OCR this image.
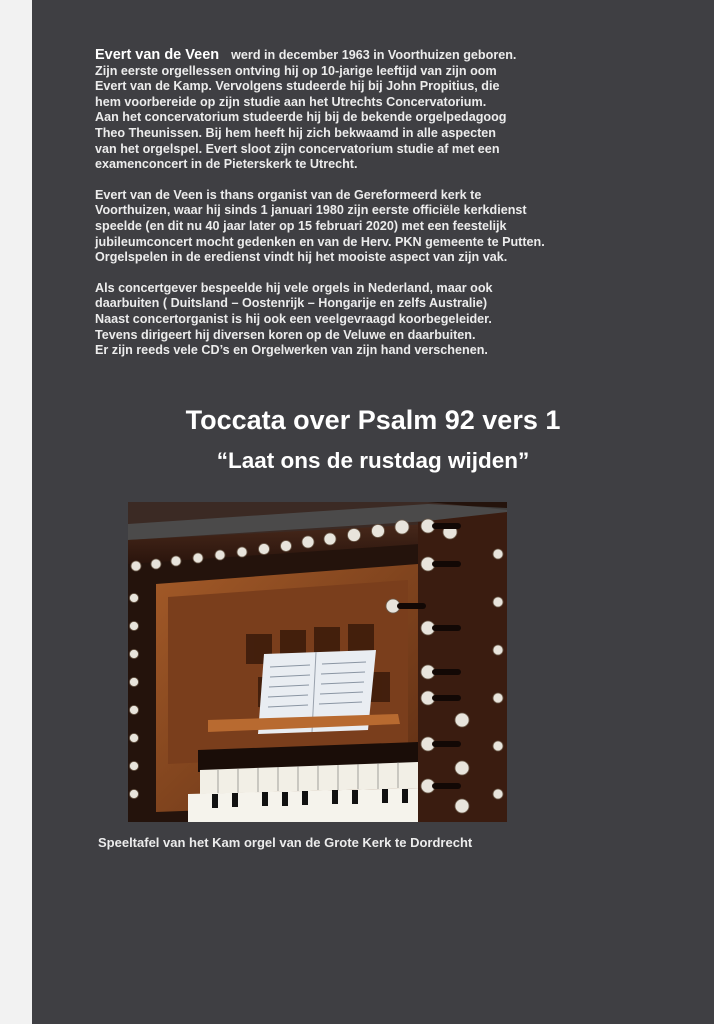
Evert van de Veen werd in december 1963 in Voorthuizen geboren.
Zijn eerste orgellessen ontving hij op 10-jarige leeftijd van zijn oom
Evert van de Kamp. Vervolgens studeerde hij bij John Propitius, die
hem voorbereide op zijn studie aan het Utrechts Concervatorium.
Aan het concervatorium studeerde hij bij de bekende orgelpedagoog
Theo Theunissen. Bij hem heeft hij zich bekwaamd in alle aspecten
van het orgelspel. Evert sloot zijn concervatorium studie af met een
examenconcert in de Pieterskerk te Utrecht.

Evert van de Veen is thans organist van de Gereformeerd kerk te
Voorthuizen, waar hij sinds 1 januari 1980 zijn eerste officiële kerkdienst
speelde (en dit nu 40 jaar later op 15 februari 2020) met een feestelijk
jubileumconcert mocht gedenken en van de Herv. PKN gemeente te Putten.
Orgelspelen in de eredienst vindt hij het mooiste aspect van zijn vak.

Als concertgever bespeelde hij vele orgels in Nederland, maar ook
daarbuiten ( Duitsland – Oostenrijk – Hongarije en zelfs Australie)
Naast concertorganist is hij ook een veelgevraagd koorbegeleider.
Tevens dirigeert hij diversen koren op de Veluwe en daarbuiten.
Er zijn reeds vele CD’s en Orgelwerken van zijn hand verschenen.

Toccata over Psalm 92 vers 1
“Laat ons de rustdag wijden”
Speeltafel van het Kam orgel van de Grote Kerk te Dordrecht
